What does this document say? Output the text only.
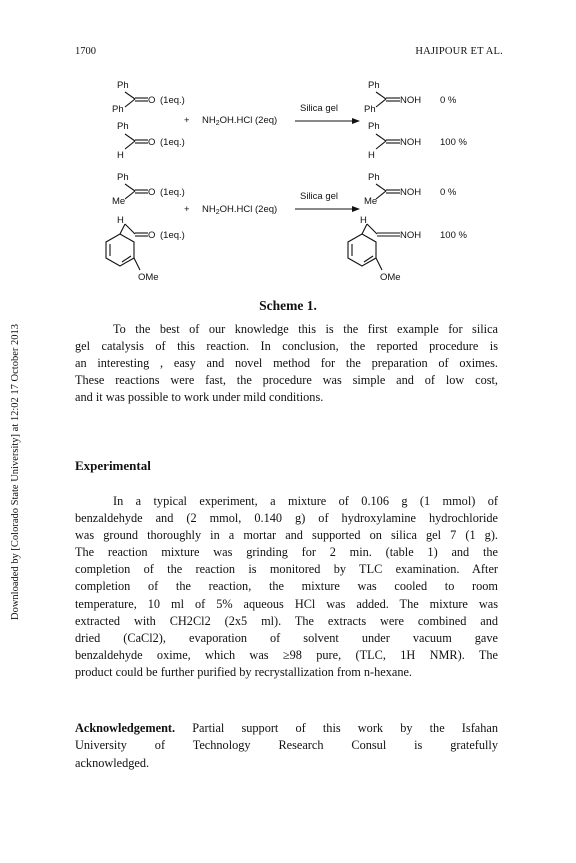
1700	HAJIPOUR ET AL.
Downloaded by [Colorado State University] at 12:02 17 October 2013
Ph
Ph
O (1eq.)
Ph
H
O (1eq.)
+ $NH_2OH.HCl$ (2eq)
Silica gel
Ph
Ph
NOH 0 %
Ph
H
NOH 100 %
Ph
Me
O (1eq.)
H
O (1eq.)
OMe
+ $NH_2OH.HCl$ (2eq)
Silica gel
Ph
Me
NOH 0 %
H
NOH 100 %
OMe
Scheme 1.
To the best of our knowledge this is the first example for silica
gel catalysis of this reaction. In conclusion, the reported procedure is
an interesting , easy and novel method for the preparation of oximes.
These reactions were fast, the procedure was simple and of low cost,
and it was possible to work under mild conditions.
Experimental
In a typical experiment, a mixture of 0.106 g (1 mmol) of
benzaldehyde and (2 mmol, 0.140 g) of hydroxylamine hydrochloride
was ground thoroughly in a mortar and supported on silica gel 7 (1 g).
The reaction mixture was grinding for 2 min. (table 1) and the
completion of the reaction is monitored by TLC examination. After
completion of the reaction, the mixture was cooled to room
temperature, 10 ml of 5% aqueous HCl was added. The mixture was
extracted with CH2Cl2 (2x5 ml). The extracts were combined and
dried (CaCl2), evaporation of solvent under vacuum gave
benzaldehyde oxime, which was ≥98 pure, (TLC, 1H NMR). The
product could be further purified by recrystallization from n-hexane.
Acknowledgement. Partial support of this work by the Isfahan
University of Technology Research Consul is gratefully
acknowledged.
